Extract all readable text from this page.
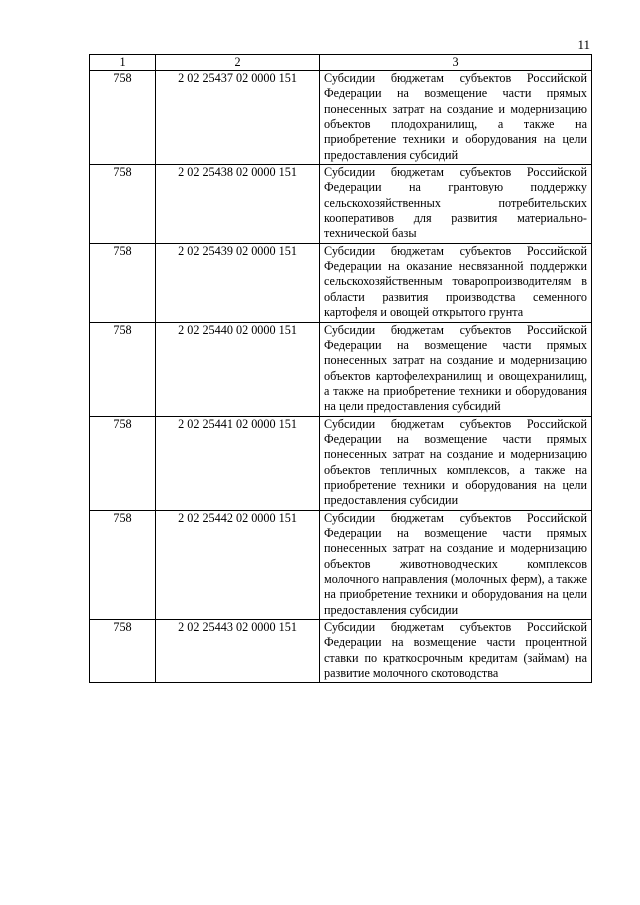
11
1	2	3
758	2 02 25437 02 0000 151	Субсидии бюджетам субъектов Российской Федерации на возмещение части прямых понесенных затрат на создание и модернизацию объектов плодохранилищ, а также на приобретение техники и оборудования на цели предоставления субсидий
758	2 02 25438 02 0000 151	Субсидии бюджетам субъектов Российской Федерации на грантовую поддержку сельскохозяйственных потребительских кооперативов для развития материально-технической базы
758	2 02 25439 02 0000 151	Субсидии бюджетам субъектов Российской Федерации на оказание несвязанной поддержки сельскохозяйственным товаропроизводителям в области развития производства семенного картофеля и овощей открытого грунта
758	2 02 25440 02 0000 151	Субсидии бюджетам субъектов Российской Федерации на возмещение части прямых понесенных затрат на создание и модернизацию объектов картофелехранилищ и овощехранилищ, а также на приобретение техники и оборудования на цели предоставления субсидий
758	2 02 25441 02 0000 151	Субсидии бюджетам субъектов Российской Федерации на возмещение части прямых понесенных затрат на создание и модернизацию объектов тепличных комплексов, а также на приобретение техники и оборудования на цели предоставления субсидии
758	2 02 25442 02 0000 151	Субсидии бюджетам субъектов Российской Федерации на возмещение части прямых понесенных затрат на создание и модернизацию объектов животноводческих комплексов молочного направления (молочных ферм), а также на приобретение техники и оборудования на цели предоставления субсидии
758	2 02 25443 02 0000 151	Субсидии бюджетам субъектов Российской Федерации на возмещение части процентной ставки по краткосрочным кредитам (займам) на развитие молочного скотоводства
